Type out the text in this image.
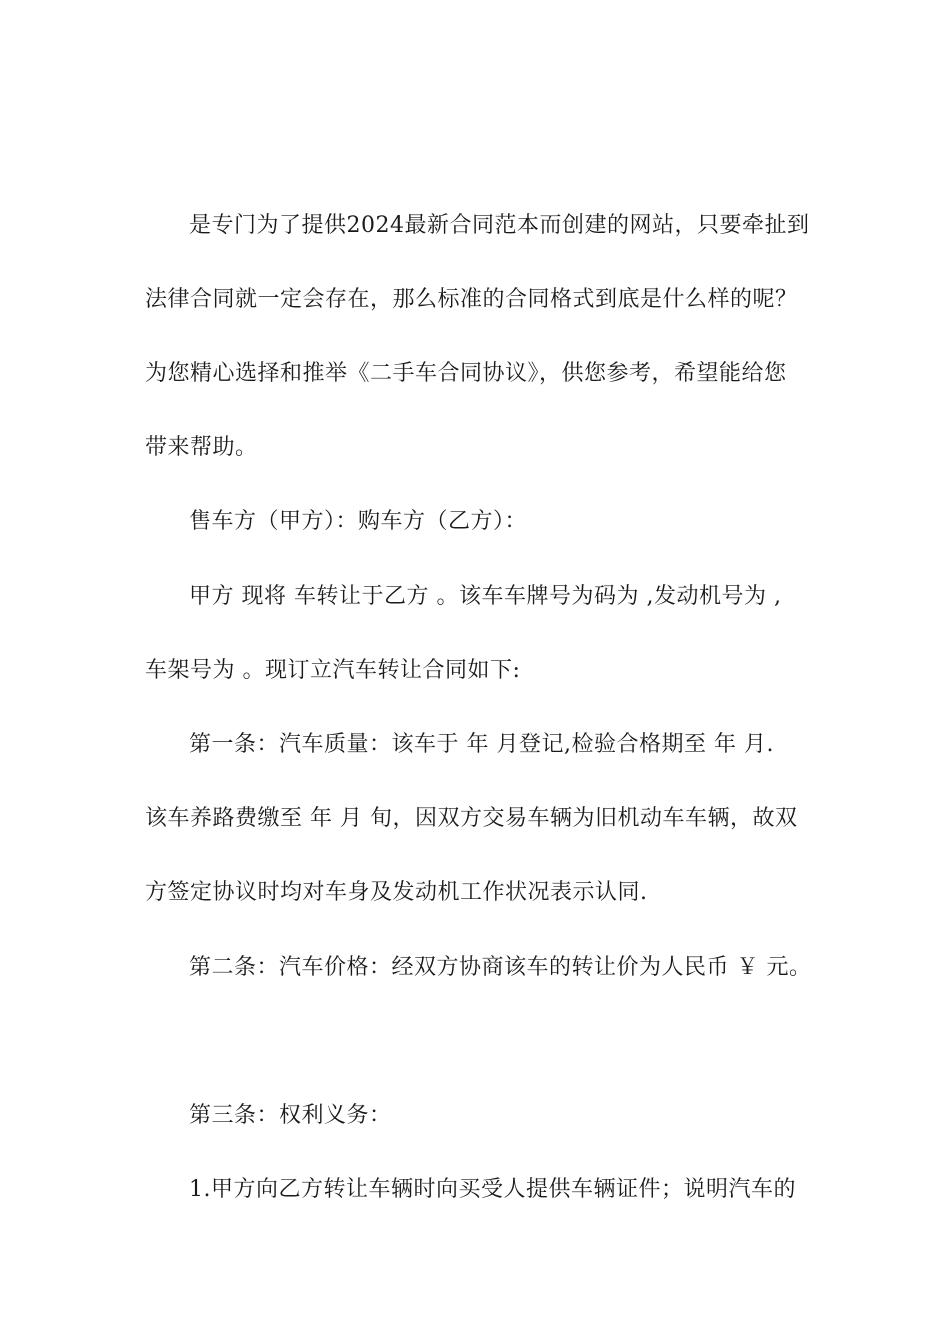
是专门为了提供2024最新合同范本而创建的网站，只要牵扯到
法律合同就一定会存在，那么标准的合同格式到底是什么样的呢？
为您精心选择和推举《二手车合同协议》，供您参考，希望能给您
带来帮助。
售车方（甲方）：购车方（乙方）：
甲方 现将 车转让于乙方 。该车车牌号为码为 ,发动机号为 ,
车架号为 。现订立汽车转让合同如下:
第一条：汽车质量：该车于 年 月登记,检验合格期至 年 月.
该车养路费缴至 年 月 旬，因双方交易车辆为旧机动车车辆，故双
方签定协议时均对车身及发动机工作状况表示认同.
第二条：汽车价格：经双方协商该车的转让价为人民币 ￥ 元。
第三条：权利义务：
1.甲方向乙方转让车辆时向买受人提供车辆证件；说明汽车的
